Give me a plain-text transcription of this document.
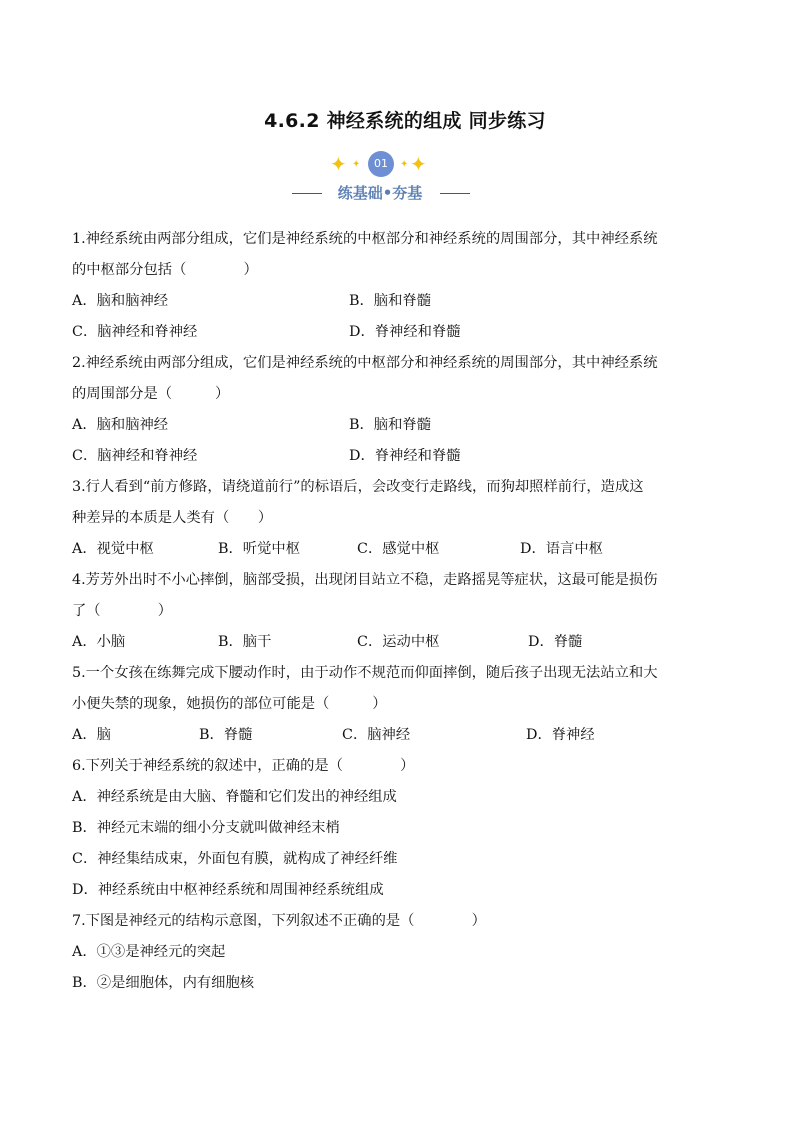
4.6.2 神经系统的组成 同步练习
✦ ✦	01	✦ ✦
练基础•夯基
1.神经系统由两部分组成，它们是神经系统的中枢部分和神经系统的周围部分，其中神经系统
的中枢部分包括（　　　　）
A．脑和脑神经	B．脑和脊髓
C．脑神经和脊神经	D．脊神经和脊髓
2.神经系统由两部分组成，它们是神经系统的中枢部分和神经系统的周围部分，其中神经系统
的周围部分是（　　　）
A．脑和脑神经	B．脑和脊髓
C．脑神经和脊神经	D．脊神经和脊髓
3.行人看到“前方修路，请绕道前行”的标语后，会改变行走路线，而狗却照样前行，造成这
种差异的本质是人类有（　　）
A．视觉中枢	B．听觉中枢	C．感觉中枢	D．语言中枢
4.芳芳外出时不小心摔倒，脑部受损，出现闭目站立不稳，走路摇晃等症状，这最可能是损伤
了（　　　　）
A．小脑	B．脑干	C．运动中枢	D．脊髓
5.一个女孩在练舞完成下腰动作时，由于动作不规范而仰面摔倒，随后孩子出现无法站立和大
小便失禁的现象，她损伤的部位可能是（　　　）
A．脑	B．脊髓	C．脑神经	D．脊神经
6.下列关于神经系统的叙述中，正确的是（　　　　）
A．神经系统是由大脑、脊髓和它们发出的神经组成
B．神经元末端的细小分支就叫做神经末梢
C．神经集结成束，外面包有膜，就构成了神经纤维
D．神经系统由中枢神经系统和周围神经系统组成
7.下图是神经元的结构示意图，下列叙述不正确的是（　　　　）
A．①③是神经元的突起
B．②是细胞体，内有细胞核
